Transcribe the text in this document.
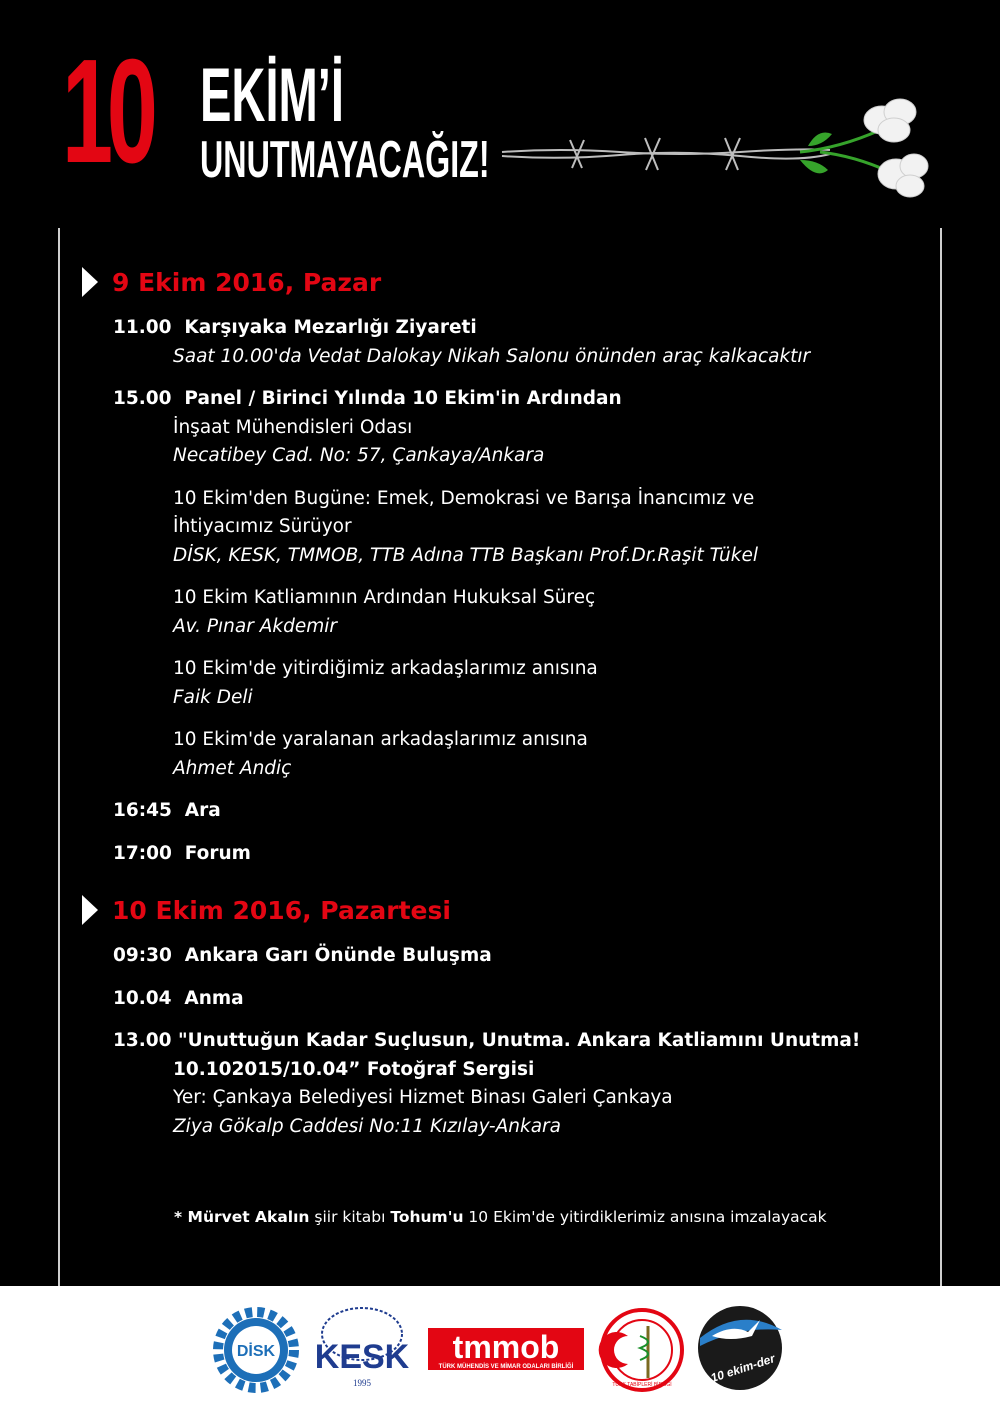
10 EKİM’İ
UNUTMAYACAĞIZ!
9 Ekim 2016, Pazar
11.00 Karşıyaka Mezarlığı Ziyareti
Saat 10.00'da Vedat Dalokay Nikah Salonu önünden araç kalkacaktır
15.00 Panel / Birinci Yılında 10 Ekim'in Ardından
İnşaat Mühendisleri Odası
Necatibey Cad. No: 57, Çankaya/Ankara
10 Ekim'den Bugüne: Emek, Demokrasi ve Barışa İnancımız ve
İhtiyacımız Sürüyor
DİSK, KESK, TMMOB, TTB Adına TTB Başkanı Prof.Dr.Raşit Tükel
10 Ekim Katliamının Ardından Hukuksal Süreç
Av. Pınar Akdemir
10 Ekim'de yitirdiğimiz arkadaşlarımız anısına
Faik Deli
10 Ekim'de yaralanan arkadaşlarımız anısına
Ahmet Andiç
16:45 Ara
17:00 Forum
10 Ekim 2016, Pazartesi
09:30 Ankara Garı Önünde Buluşma
10.04 Anma
13.00 "Unuttuğun Kadar Suçlusun, Unutma. Ankara Katliamını Unutma!
10.102015/10.04” Fotoğraf Sergisi
Yer: Çankaya Belediyesi Hizmet Binası Galeri Çankaya
Ziya Gökalp Caddesi No:11 Kızılay-Ankara
* Mürvet Akalın şiir kitabı Tohum'u 10 Ekim'de yitirdiklerimiz anısına imzalayacak
DİSK KESK
1995
tmmob
TÜRK MÜHENDİS VE MİMAR ODALARI BİRLİĞİ
TÜRK TABİPLERİ BİRLİĞİ	10 ekim-der
